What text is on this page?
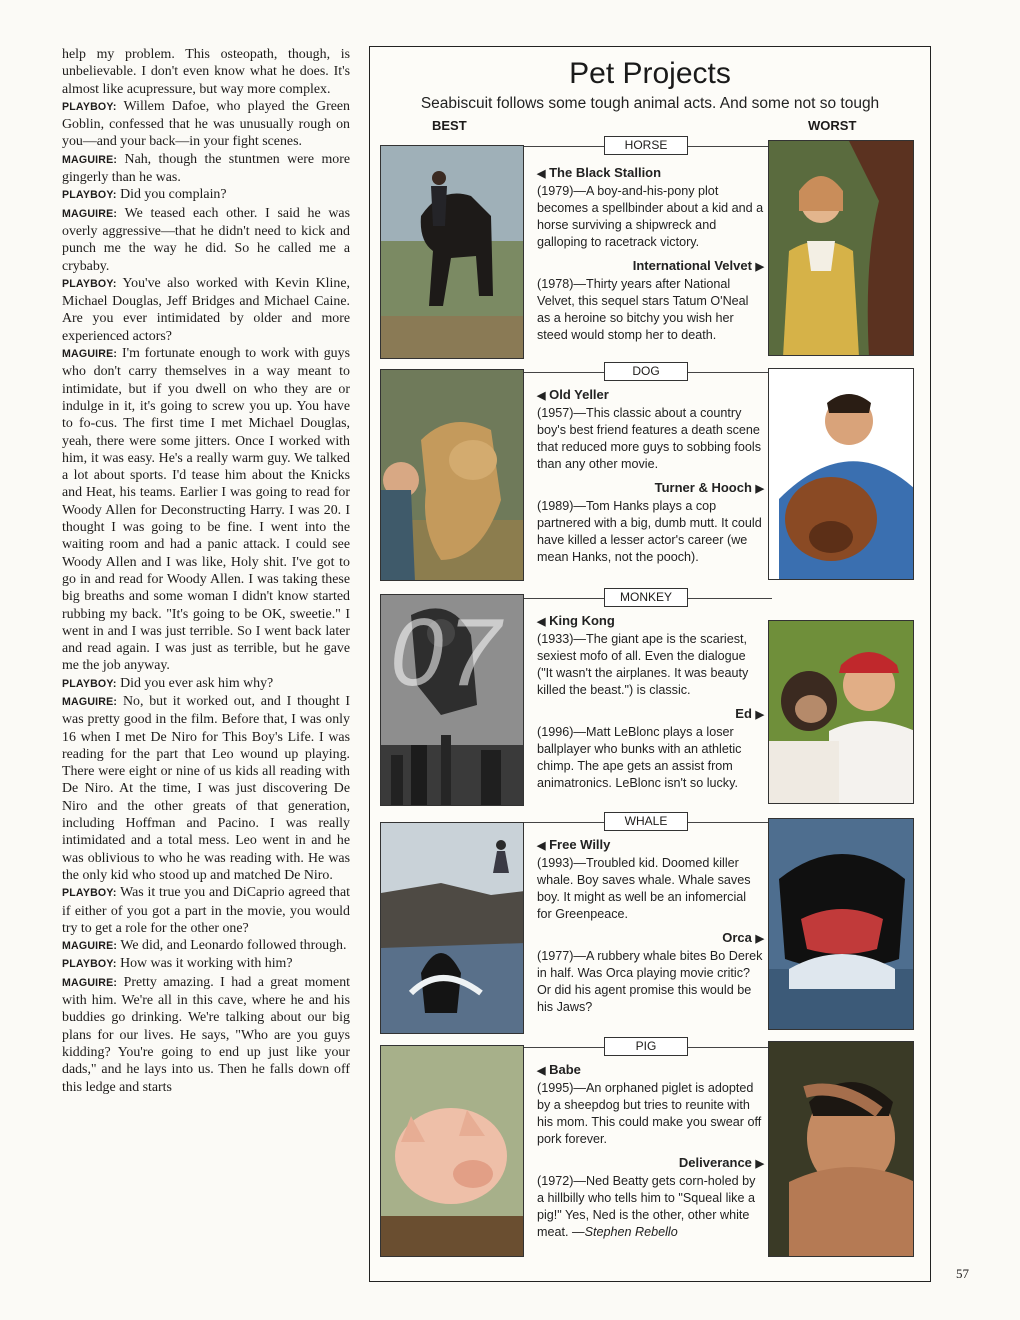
help my problem. This osteopath, though, is unbelievable. I don't even know what he does. It's almost like acupressure, but way more complex.

PLAYBOY: Willem Dafoe, who played the Green Goblin, confessed that he was unusually rough on you—and your back—in your fight scenes.

MAGUIRE: Nah, though the stuntmen were more gingerly than he was.

PLAYBOY: Did you complain?

MAGUIRE: We teased each other. I said he was overly aggressive—that he didn't need to kick and punch me the way he did. So he called me a crybaby.

PLAYBOY: You've also worked with Kevin Kline, Michael Douglas, Jeff Bridges and Michael Caine. Are you ever intimidated by older and more experienced actors?

MAGUIRE: I'm fortunate enough to work with guys who don't carry themselves in a way meant to intimidate, but if you dwell on who they are or indulge in it, it's going to screw you up. You have to fo-cus. The first time I met Michael Douglas, yeah, there were some jitters. Once I worked with him, it was easy. He's a really warm guy. We talked a lot about sports. I'd tease him about the Knicks and Heat, his teams. Earlier I was going to read for Woody Allen for Deconstructing Harry. I was 20. I thought I was going to be fine. I went into the waiting room and had a panic attack. I could see Woody Allen and I was like, Holy shit. I've got to go in and read for Woody Allen. I was taking these big breaths and some woman I didn't know started rubbing my back. "It's going to be OK, sweetie." I went in and I was just terrible. So I went back later and read again. I was just as terrible, but he gave me the job anyway.

PLAYBOY: Did you ever ask him why?

MAGUIRE: No, but it worked out, and I thought I was pretty good in the film. Before that, I was only 16 when I met De Niro for This Boy's Life. I was reading for the part that Leo wound up playing. There were eight or nine of us kids all reading with De Niro. At the time, I was just discovering De Niro and the other greats of that generation, including Hoffman and Pacino. I was really intimidated and a total mess. Leo went in and he was oblivious to who he was reading with. He was the only kid who stood up and matched De Niro.

PLAYBOY: Was it true you and DiCaprio agreed that if either of you got a part in the movie, you would try to get a role for the other one?

MAGUIRE: We did, and Leonardo followed through.

PLAYBOY: How was it working with him?

MAGUIRE: Pretty amazing. I had a great moment with him. We're all in this cave, where he and his buddies go drinking. We're talking about our big plans for our lives. He says, "Who are you guys kidding? You're going to end up just like your dads," and he lays into us. Then he falls down off this ledge and starts

Pet Projects
Seabiscuit follows some tough animal acts. And some not so tough
BEST	WORST
HORSE
◀ The Black Stallion

(1979)—A boy-and-his-pony plot becomes a spellbinder about a kid and a horse surviving a shipwreck and galloping to racetrack victory.

International Velvet ▶

(1978)—Thirty years after National Velvet, this sequel stars Tatum O'Neal as a heroine so bitchy you wish her steed would stomp her to death.

DOG
◀ Old Yeller

(1957)—This classic about a country boy's best friend features a death scene that reduced more guys to sobbing fools than any other movie.

Turner & Hooch ▶

(1989)—Tom Hanks plays a cop partnered with a big, dumb mutt. It could have killed a lesser actor's career (we mean Hanks, not the pooch).

MONKEY
◀ King Kong

(1933)—The giant ape is the scariest, sexiest mofo of all. Even the dialogue ("It wasn't the airplanes. It was beauty killed the beast.") is classic.

Ed ▶

(1996)—Matt LeBlonc plays a loser ballplayer who bunks with an athletic chimp. The ape gets an assist from animatronics. LeBlonc isn't so lucky.

WHALE
◀ Free Willy

(1993)—Troubled kid. Doomed killer whale. Boy saves whale. Whale saves boy. It might as well be an infomercial for Greenpeace.

Orca ▶

(1977)—A rubbery whale bites Bo Derek in half. Was Orca playing movie critic? Or did his agent promise this would be his Jaws?

PIG
◀ Babe

(1995)—An orphaned piglet is adopted by a sheepdog but tries to reunite with his mom. This could make you swear off pork forever.

Deliverance ▶

(1972)—Ned Beatty gets corn-holed by a hillbilly who tells him to "Squeal like a pig!" Yes, Ned is the other, other white meat. —Stephen Rebello

07
57
